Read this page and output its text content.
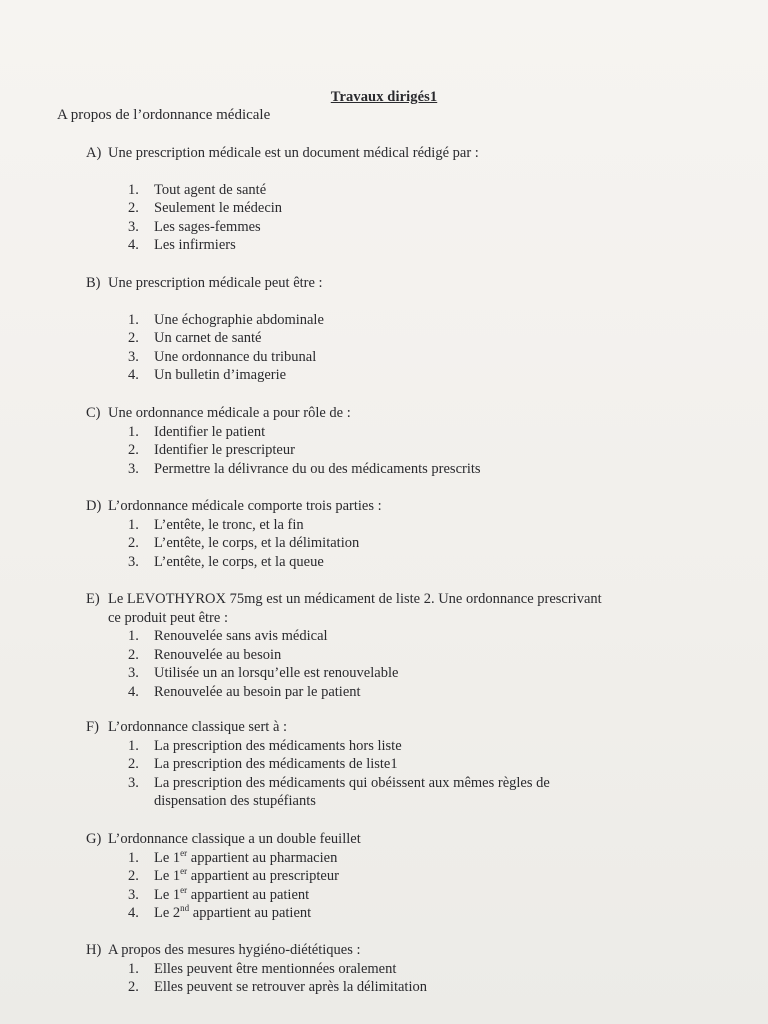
Travaux dirigés1
A propos de l’ordonnance médicale
A) Une prescription médicale est un document médical rédigé par :
1.	Tout agent de santé
2.	Seulement le médecin
3.	Les sages-femmes
4.	Les infirmiers
B) Une prescription médicale peut être :
1.	Une échographie abdominale
2.	Un carnet de santé
3.	Une ordonnance du tribunal
4.	Un bulletin d’imagerie
C) Une ordonnance médicale a pour rôle de :
1.	Identifier le patient
2.	Identifier le prescripteur
3.	Permettre la délivrance du ou des médicaments prescrits
D) L’ordonnance médicale comporte trois parties :
1.	L’entête, le tronc, et la fin
2.	L’entête, le corps, et la délimitation
3.	L’entête, le corps, et la queue
E) Le LEVOTHYROX 75mg est un médicament de liste 2. Une ordonnance prescrivant
ce produit peut être :
1.	Renouvelée sans avis médical
2.	Renouvelée au besoin
3.	Utilisée un an lorsqu’elle est renouvelable
4.	Renouvelée au besoin par le patient
F) L’ordonnance classique sert à :
1.	La prescription des médicaments hors liste
2.	La prescription des médicaments de liste1
3.	La prescription des médicaments qui obéissent aux mêmes règles de
dispensation des stupéfiants
G) L’ordonnance classique a un double feuillet
1.	Le 1er appartient au pharmacien
2.	Le 1er appartient au prescripteur
3.	Le 1er appartient au patient
4.	Le 2nd appartient au patient
H) A propos des mesures hygiéno-diététiques :
1.	Elles peuvent être mentionnées oralement
2.	Elles peuvent se retrouver après la délimitation
